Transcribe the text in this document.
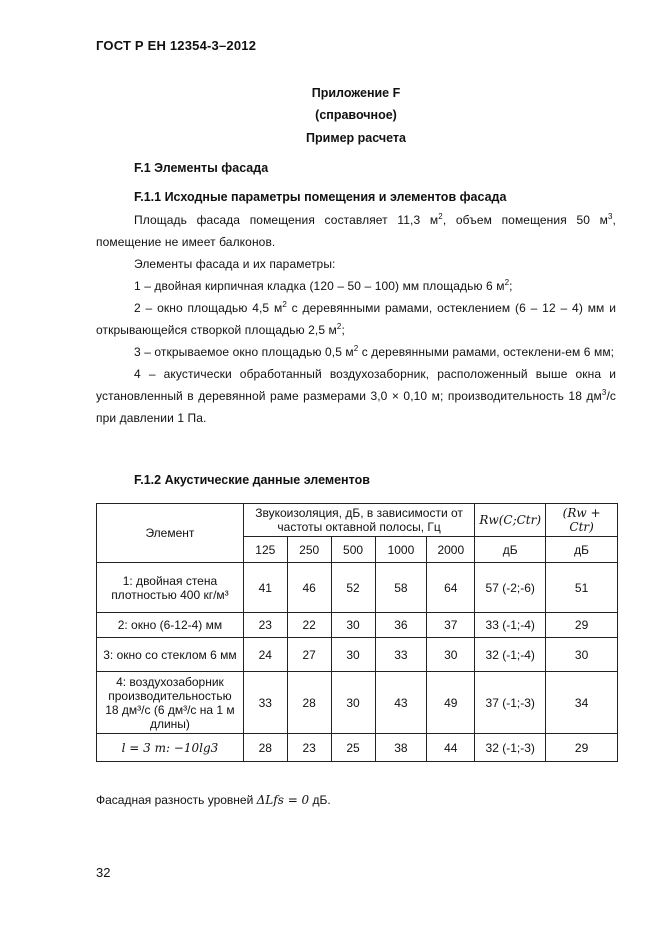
ГОСТ Р ЕН 12354-3–2012
Приложение F
(справочное)
Пример расчета
F.1 Элементы фасада
F.1.1 Исходные параметры помещения и элементов фасада

Площадь фасада помещения составляет 11,3 $м^2$, объем помещения 50 $м^3$, помещение не имеет балконов.

Элементы фасада и их параметры:

1 – двойная кирпичная кладка (120 – 50 – 100) мм площадью 6 $м^2$;

2 – окно площадью 4,5 $м^2$ с деревянными рамами, остеклением (6 – 12 – 4) мм и открывающейся створкой площадью 2,5 $м^2$;

3 – открываемое окно площадью 0,5 $м^2$ с деревянными рамами, остеклени-ем 6 мм;

4 – акустически обработанный воздухозаборник, расположенный выше окна и установленный в деревянной раме размерами 3,0 × 0,10 м; производительность 18 $дм^3/с$ при давлении 1 Па.

F.1.2 Акустические данные элементов
Элемент	Звукоизоляция, дБ, в зависимости от частоты октавной полосы, Гц					Rw(C;Ctr)	(Rw + Ctr)
	125	250	500	1000	2000	дБ	дБ
1: двойная стена плотностью 400 кг/м³	41	46	52	58	64	57 (-2;-6)	51
2: окно (6-12-4) мм	23	22	30	36	37	33 (-1;-4)	29
3: окно со стеклом 6 мм	24	27	30	33	30	32 (-1;-4)	30
4: воздухозаборник производительностью 18 дм³/с (6 дм³/с на 1 м длины)	33	28	30	43	49	37 (-1;-3)	34
l = 3 m: −10lg3	28	23	25	38	44	32 (-1;-3)	29
Фасадная разность уровней ΔLfs = 0 дБ.
32
